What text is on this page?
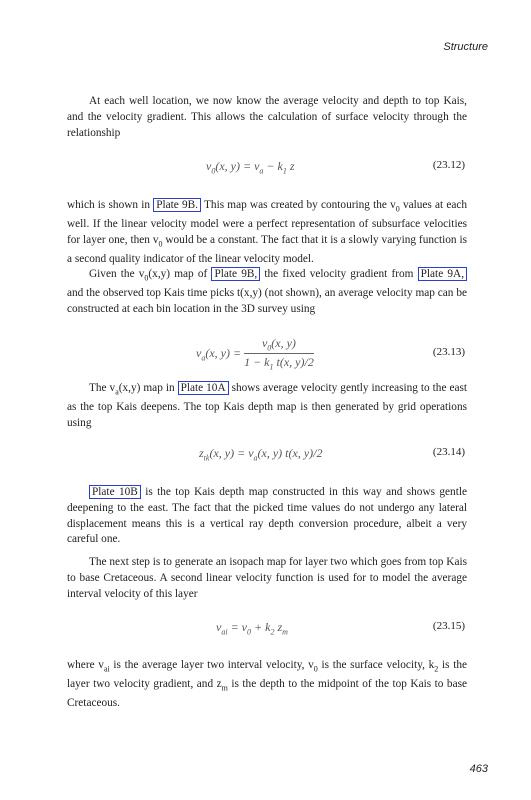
Structure

At each well location, we now know the average velocity and depth to top Kais, and the velocity gradient. This allows the calculation of surface velocity through the relationship

$v_0(x$, $y) = v_a - k_1$ z	(23.12)

which is shown in Plate 9B. This map was created by contouring the $v_0$ values at each well. If the linear velocity model were a perfect representation of subsurface velocities for layer one, then $v_0$ would be a constant. The fact that it is a slowly varying function is a second quality indicator of the linear velocity model.

Given the $v_0(x,y)$ map of Plate 9B, the fixed velocity gradient from Plate 9A, and the observed top Kais time picks t(x,y) (not shown), an average velocity map can be constructed at each bin location in the 3D survey using

$v_a(x$, $y) = \frac{v_0(x, y)}{1 - k_1 t(x, y)/2}$	(23.13)

The $v_a(x,y)$ map in Plate 10A shows average velocity gently increasing to the east as the top Kais deepens. The top Kais depth map is then generated by grid operations using

$z_{tk}(x$, $y) = v_a(x$, y) t(x, y)/2	(23.14)

Plate 10B is the top Kais depth map constructed in this way and shows gentle deepening to the east. The fact that the picked time values do not undergo any lateral displacement means this is a vertical ray depth conversion procedure, albeit a very careful one.

The next step is to generate an isopach map for layer two which goes from top Kais to base Cretaceous. A second linear velocity function is used for to model the average interval velocity of this layer

$v_{ai} = v_0 + k_2$ $z_m$	(23.15)

where $v_{ai}$ is the average layer two interval velocity, $v_0$ is the surface velocity, $k_2$ is the layer two velocity gradient, and $z_m$ is the depth to the midpoint of the top Kais to base Cretaceous.

463
